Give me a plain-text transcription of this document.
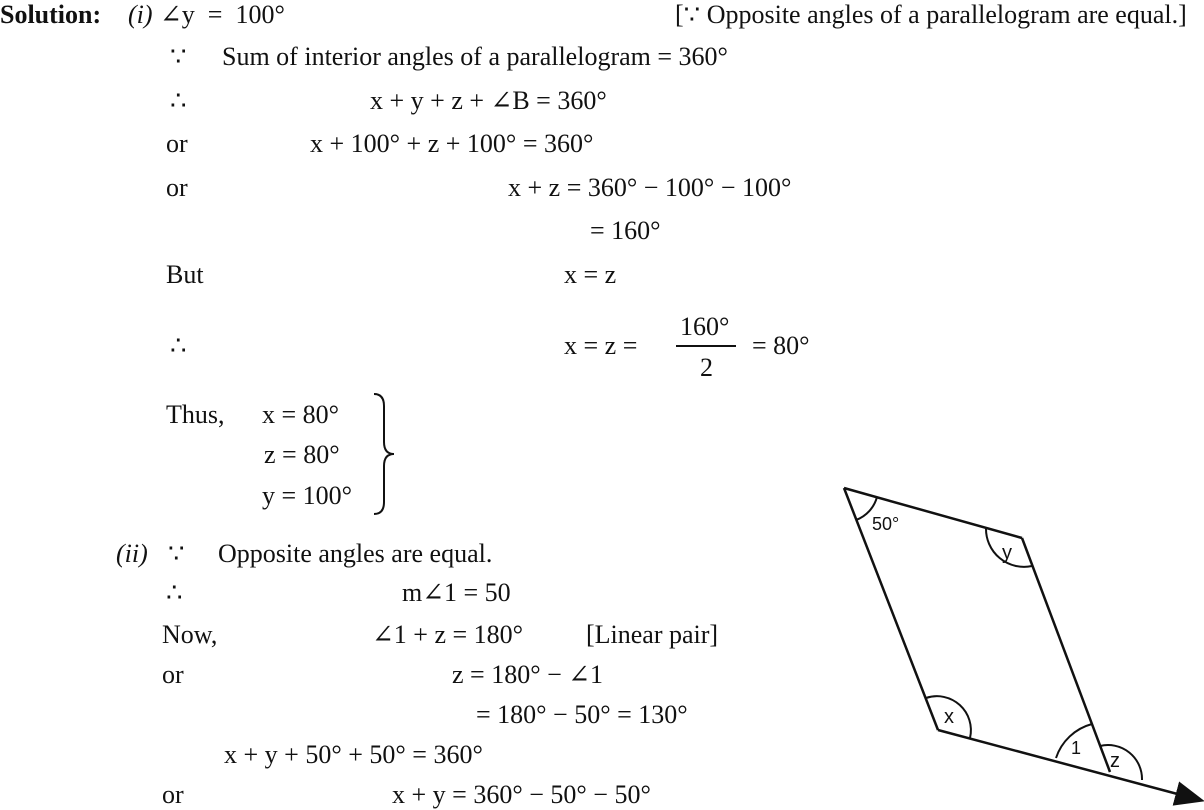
Solution: (i) ∠y  =  100°	[∵ Opposite angles of a parallelogram are equal.]
∵ Sum of interior angles of a parallelogram = 360°
∴	x + y + z + ∠B = 360°
or	x + 100° + z + 100° = 360°
or	x + z = 360° − 100° − 100°
= 160°
But	x = z
∴	x = z =
160°
2
= 80°
Thus, x = 80°
z = 80°
y = 100°
(ii) ∵ Opposite angles are equal.
∴	m∠1 = 50
Now,	∠1 + z = 180° [Linear pair]
or	z = 180° − ∠1
= 180° − 50° = 130°
x + y + 50° + 50° = 360°
or	x + y = 360° − 50° − 50°
50°
y
x
1
z
